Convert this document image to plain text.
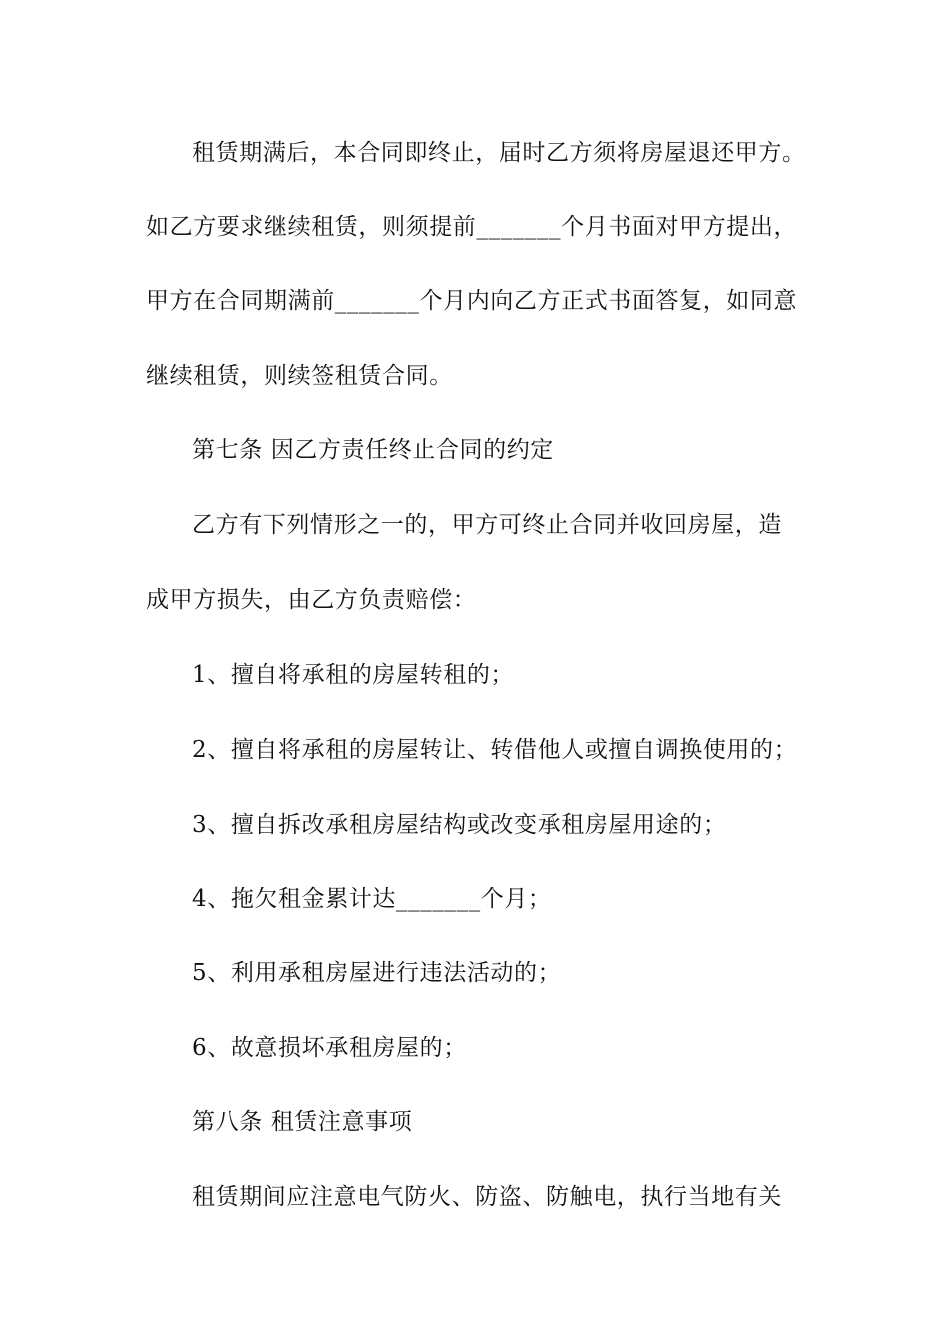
租赁期满后，本合同即终止，届时乙方须将房屋退还甲方。
如乙方要求继续租赁，则须提前_______个月书面对甲方提出，
甲方在合同期满前_______个月内向乙方正式书面答复，如同意
继续租赁，则续签租赁合同。
第七条 因乙方责任终止合同的约定
乙方有下列情形之一的，甲方可终止合同并收回房屋，造
成甲方损失，由乙方负责赔偿：
1、擅自将承租的房屋转租的；
2、擅自将承租的房屋转让、转借他人或擅自调换使用的；
3、擅自拆改承租房屋结构或改变承租房屋用途的；
4、拖欠租金累计达_______个月；
5、利用承租房屋进行违法活动的；
6、故意损坏承租房屋的；
第八条 租赁注意事项
租赁期间应注意电气防火、防盗、防触电，执行当地有关
